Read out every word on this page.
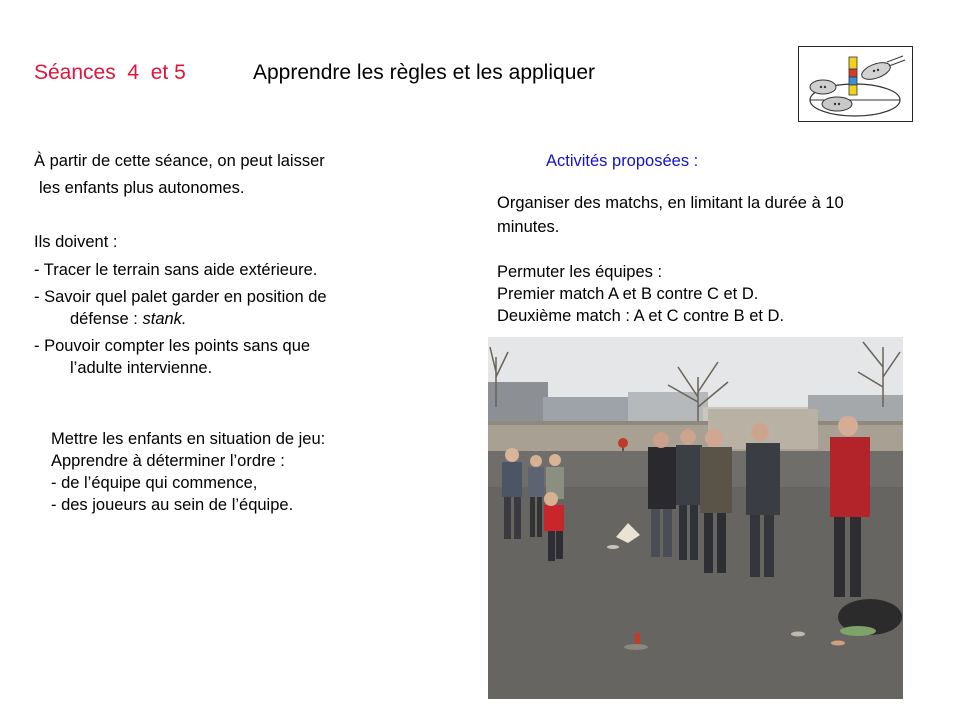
Séances  4  et 5	Apprendre les règles et les appliquer
À partir de cette séance, on peut laisser
les enfants plus autonomes.
Ils doivent :
- Tracer le terrain sans aide extérieure.
- Savoir quel palet garder en position de
défense : stank.
- Pouvoir compter les points sans que
l’adulte intervienne.
Mettre les enfants en situation de jeu:
Apprendre à déterminer l’ordre :
- de l’équipe qui commence,
- des joueurs au sein de l’équipe.
Activités proposées :
Organiser des matchs, en limitant la durée à 10
minutes.
Permuter les équipes :
Premier match A et B contre C et D.
Deuxième match : A et C contre B et D.
